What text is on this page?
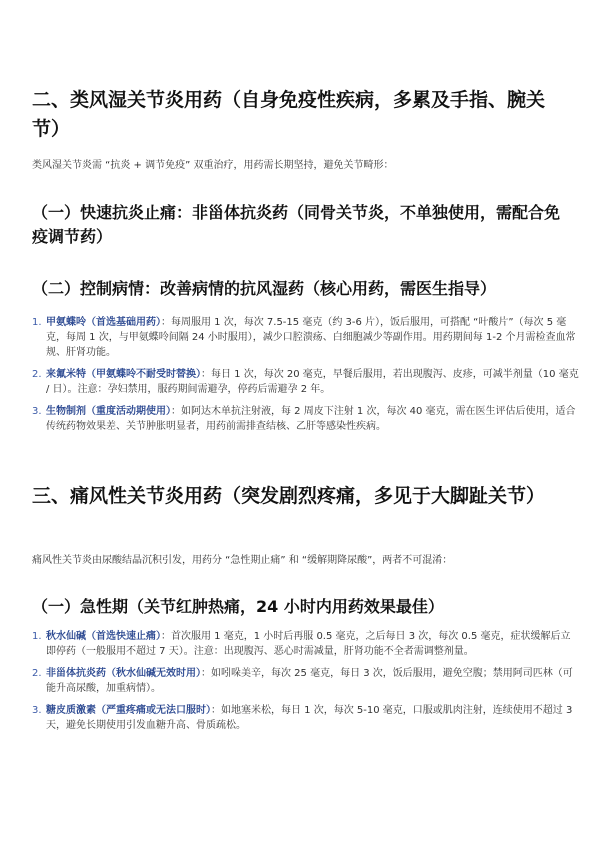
二、类风湿关节炎用药（自身免疫性疾病，多累及手指、腕关节）
类风湿关节炎需 “抗炎 + 调节免疫” 双重治疗，用药需长期坚持，避免关节畸形：
（一）快速抗炎止痛：非甾体抗炎药（同骨关节炎，不单独使用，需配合免疫调节药）
（二）控制病情：改善病情的抗风湿药（核心用药，需医生指导）
1. 甲氨蝶呤（首选基础用药）：每周服用 1 次，每次 7.5-15 毫克（约 3-6 片），饭后服用，可搭配 “叶酸片”（每次 5 毫克，每周 1 次，与甲氨蝶呤间隔 24 小时服用），减少口腔溃疡、白细胞减少等副作用。用药期间每 1-2 个月需检查血常规、肝肾功能。
2. 来氟米特（甲氨蝶呤不耐受时替换）：每日 1 次，每次 20 毫克，早餐后服用，若出现腹泻、皮疹，可减半剂量（10 毫克 / 日）。注意：孕妇禁用，服药期间需避孕，停药后需避孕 2 年。
3. 生物制剂（重度活动期使用）：如阿达木单抗注射液，每 2 周皮下注射 1 次，每次 40 毫克，需在医生评估后使用，适合传统药物效果差、关节肿胀明显者，用药前需排查结核、乙肝等感染性疾病。
三、痛风性关节炎用药（突发剧烈疼痛，多见于大脚趾关节）
痛风性关节炎由尿酸结晶沉积引发，用药分 “急性期止痛” 和 “缓解期降尿酸”，两者不可混淆：
（一）急性期（关节红肿热痛，24 小时内用药效果最佳）
1. 秋水仙碱（首选快速止痛）：首次服用 1 毫克，1 小时后再服 0.5 毫克，之后每日 3 次，每次 0.5 毫克，症状缓解后立即停药（一般服用不超过 7 天）。注意：出现腹泻、恶心时需减量，肝肾功能不全者需调整剂量。
2. 非甾体抗炎药（秋水仙碱无效时用）：如吲哚美辛，每次 25 毫克，每日 3 次，饭后服用，避免空腹；禁用阿司匹林（可能升高尿酸，加重病情）。
3. 糖皮质激素（严重疼痛或无法口服时）：如地塞米松，每日 1 次，每次 5-10 毫克，口服或肌肉注射，连续使用不超过 3 天，避免长期使用引发血糖升高、骨质疏松。
